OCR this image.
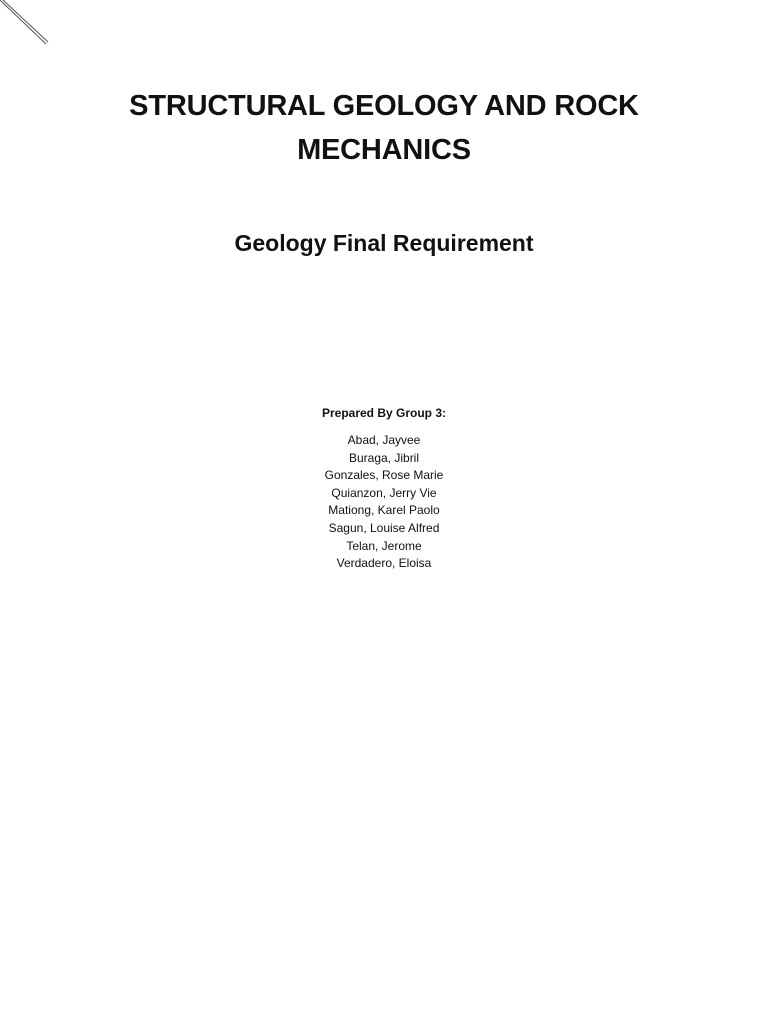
STRUCTURAL GEOLOGY AND ROCK MECHANICS
Geology Final Requirement

Prepared By Group 3:

Abad, Jayvee
Buraga, Jibril
Gonzales, Rose Marie
Quianzon, Jerry Vie
Mationg, Karel Paolo
Sagun, Louise Alfred
Telan, Jerome
Verdadero, Eloisa
